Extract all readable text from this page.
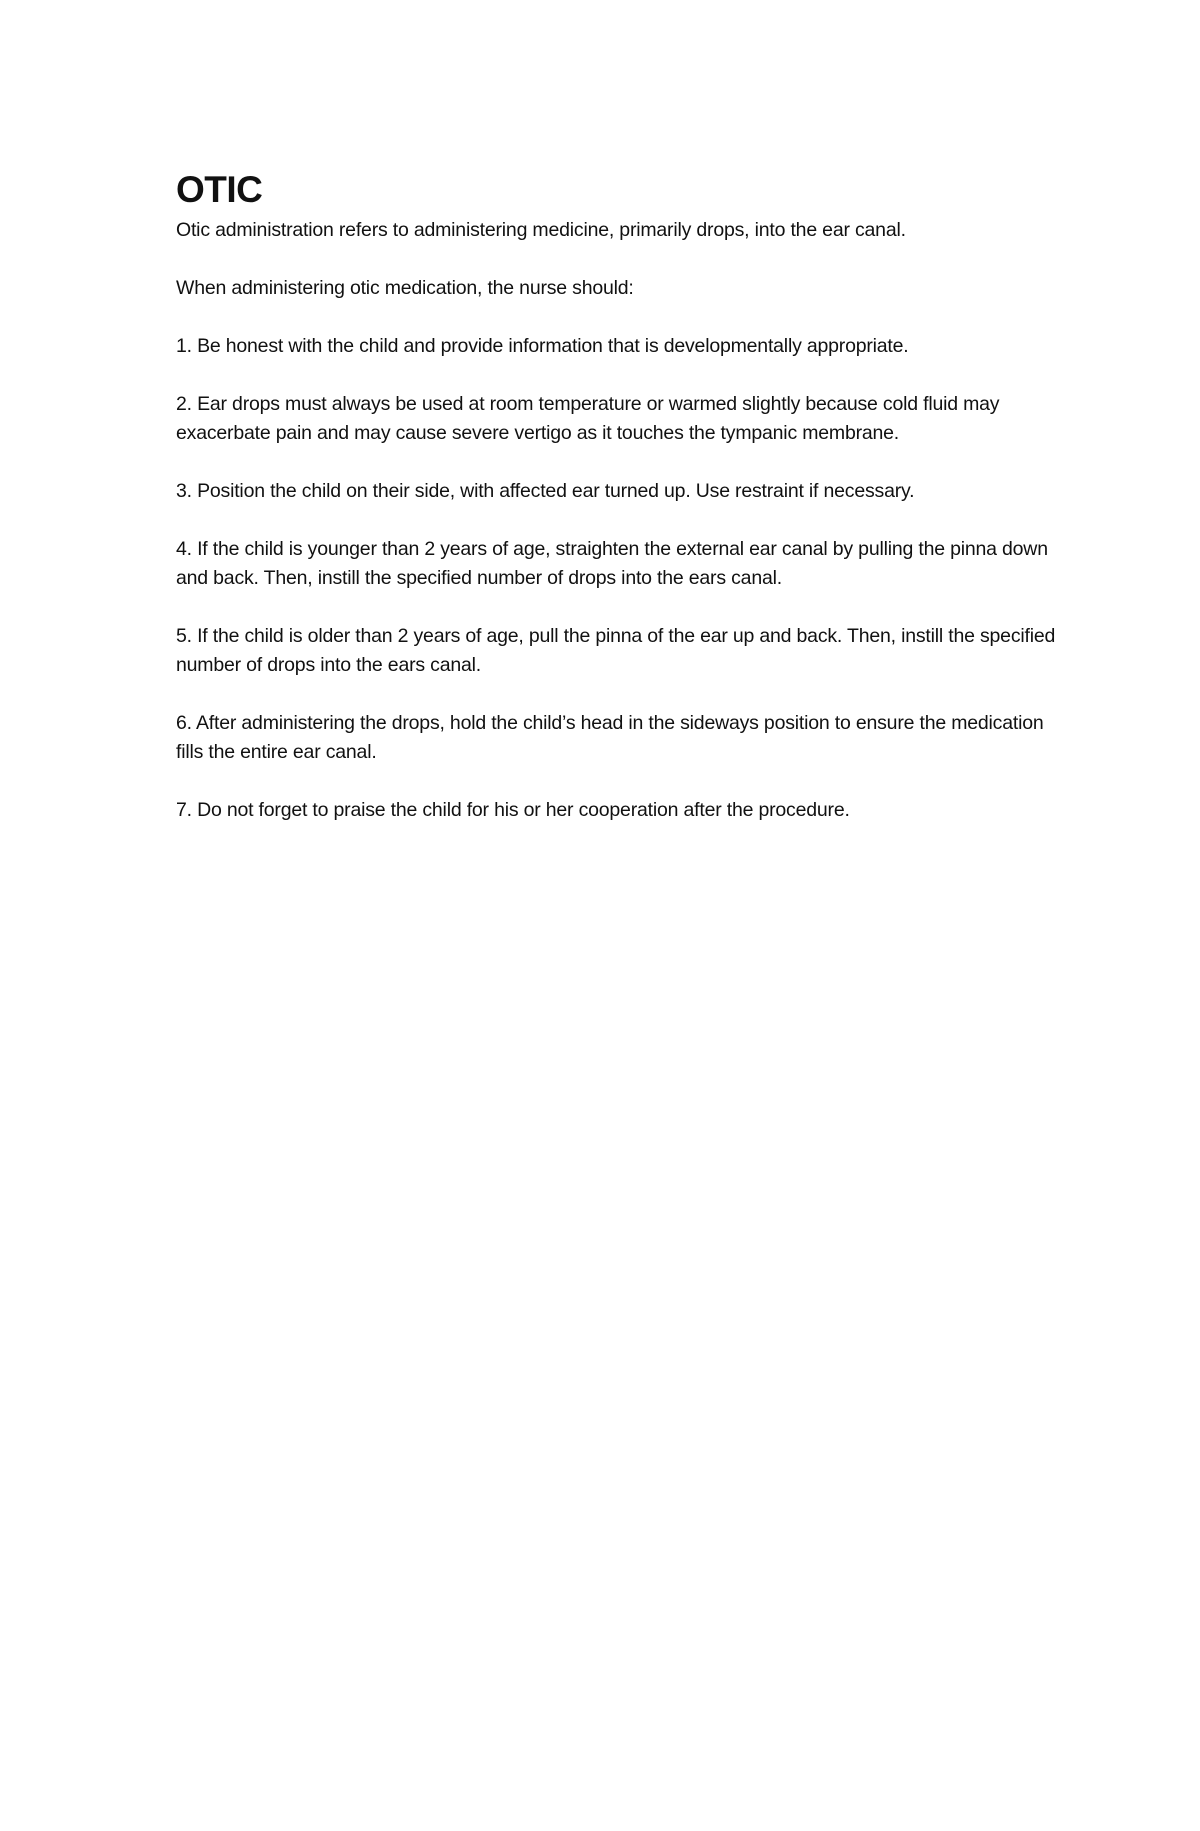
OTIC

Otic administration refers to administering medicine, primarily drops, into the ear canal.

When administering otic medication, the nurse should:

1. Be honest with the child and provide information that is developmentally appropriate.

2. Ear drops must always be used at room temperature or warmed slightly because cold fluid may exacerbate pain and may cause severe vertigo as it touches the tympanic membrane.

3. Position the child on their side, with affected ear turned up. Use restraint if necessary.

4. If the child is younger than 2 years of age, straighten the external ear canal by pulling the pinna down and back. Then, instill the specified number of drops into the ears canal.

5. If the child is older than 2 years of age, pull the pinna of the ear up and back. Then, instill the specified number of drops into the ears canal.

6. After administering the drops, hold the child’s head in the sideways position to ensure the medication fills the entire ear canal.

7. Do not forget to praise the child for his or her cooperation after the procedure.
